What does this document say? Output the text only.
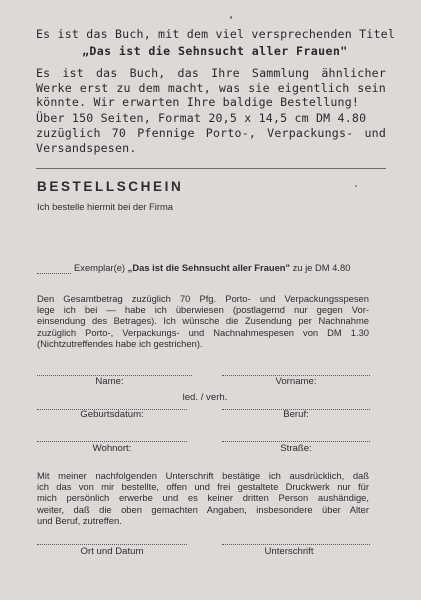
Es ist das Buch, mit dem viel versprechenden Titel
„Das ist die Sehnsucht aller Frauen"
Es ist das Buch, das Ihre Sammlung ähnlicher
Werke erst zu dem macht, was sie eigentlich sein
könnte. Wir erwarten Ihre baldige Bestellung!
Über 150 Seiten, Format 20,5 x 14,5 cm DM 4.80
zuzüglich 70 Pfennige Porto-, Verpackungs- und
Versandspesen.
BESTELLSCHEIN
Ich bestelle hiermit bei der Firma
Exemplar(e) „Das ist die Sehnsucht aller Frauen" zu je DM 4.80
Den Gesamtbetrag zuzüglich 70 Pfg. Porto- und Verpackungsspesen
lege ich bei — habe ich überwiesen (postlagernd nur gegen Vor-
einsendung des Betrages). Ich wünsche die Zusendung per Nachnahme
zuzüglich Porto-, Verpackungs- und Nachnahmespesen von DM 1.30
(Nichtzutreffendes habe ich gestrichen).
Name:	Vorname:
led. / verh.
Geburtsdatum:	Beruf:
Wohnort:	Straße:
Mit meiner nachfolgenden Unterschrift bestätige ich ausdrücklich, daß
ich das von mir bestellte, offen und frei gestaltete Druckwerk nur für
mich persönlich erwerbe und es keiner dritten Person aushändige,
weiter, daß die oben gemachten Angaben, insbesondere über Alter
und Beruf, zutreffen.
Ort und Datum	Unterschrift
